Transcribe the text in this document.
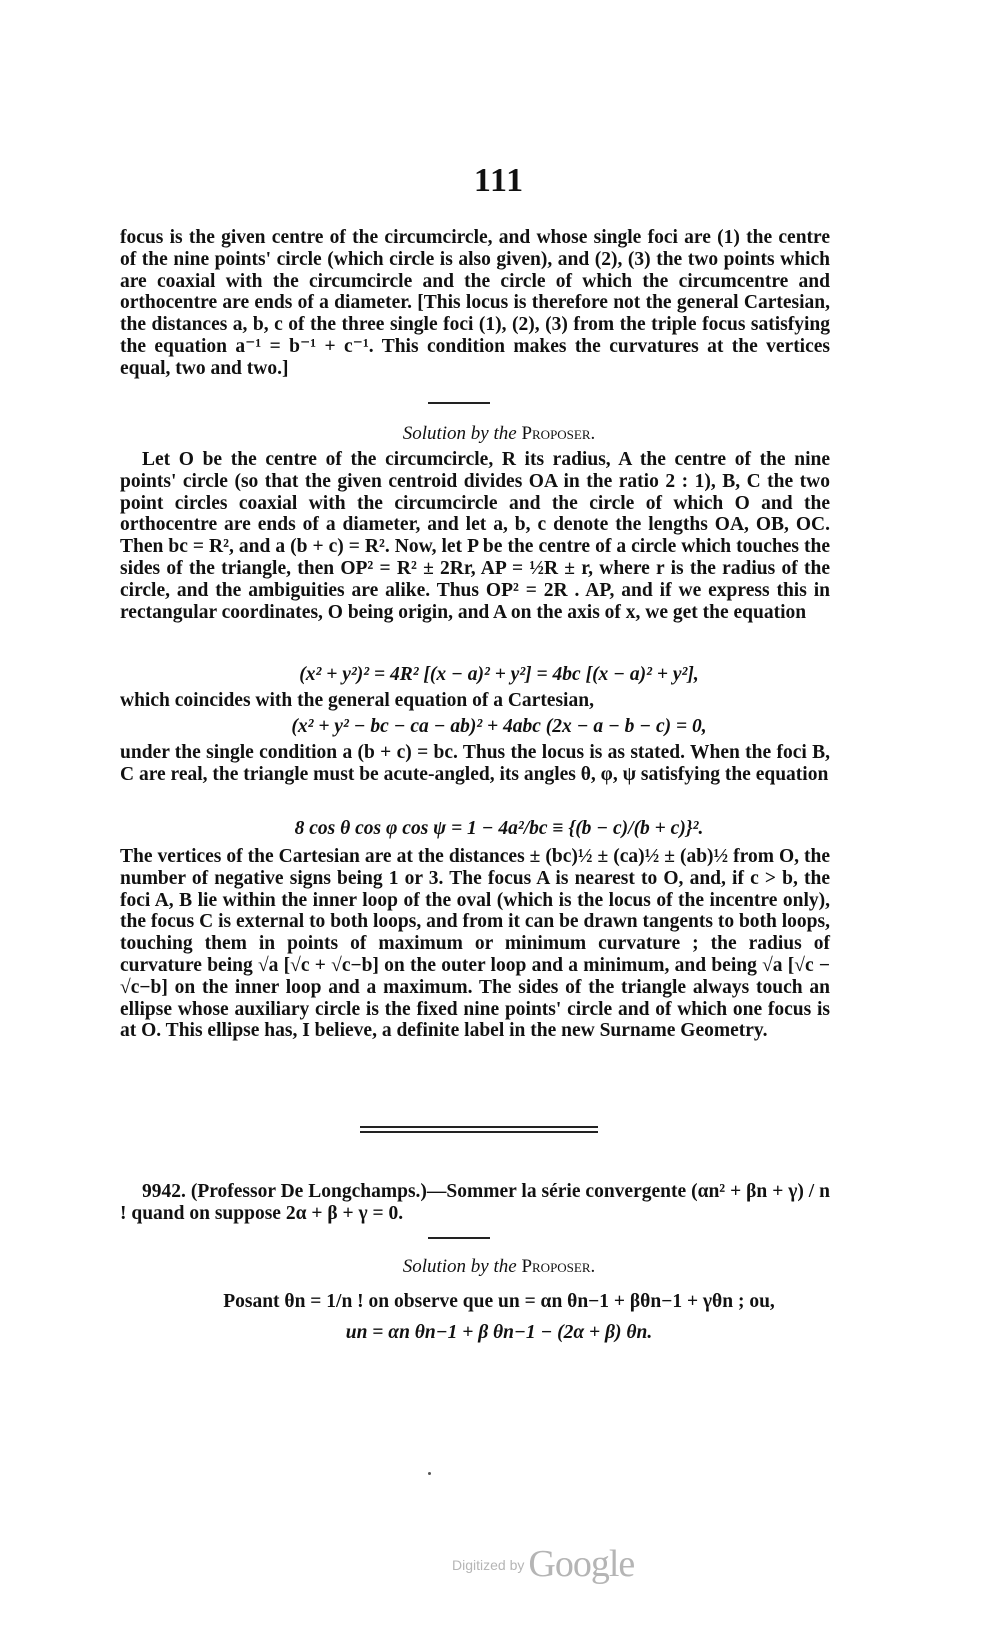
111

focus is the given centre of the circumcircle, and whose single foci are (1) the centre of the nine points' circle (which circle is also given), and (2), (3) the two points which are coaxial with the circumcircle and the circle of which the circumcentre and orthocentre are ends of a diameter. [This locus is therefore not the general Cartesian, the distances a, b, c of the three single foci (1), (2), (3) from the triple focus satisfying the equation a⁻¹ = b⁻¹ + c⁻¹. This condition makes the curvatures at the vertices equal, two and two.]

Solution by the Proposer.

Let O be the centre of the circumcircle, R its radius, A the centre of the nine points' circle (so that the given centroid divides OA in the ratio 2 : 1), B, C the two point circles coaxial with the circumcircle and the circle of which O and the orthocentre are ends of a diameter, and let a, b, c denote the lengths OA, OB, OC. Then bc = R², and a (b + c) = R². Now, let P be the centre of a circle which touches the sides of the triangle, then OP² = R² ± 2Rr, AP = ½R ± r, where r is the radius of the circle, and the ambiguities are alike. Thus OP² = 2R . AP, and if we express this in rectangular coordinates, O being origin, and A on the axis of x, we get the equation

(x² + y²)² = 4R² [(x − a)² + y²] = 4bc [(x − a)² + y²],

which coincides with the general equation of a Cartesian,

(x² + y² − bc − ca − ab)² + 4abc (2x − a − b − c) = 0,

under the single condition a (b + c) = bc. Thus the locus is as stated. When the foci B, C are real, the triangle must be acute-angled, its angles θ, φ, ψ satisfying the equation

8 cos θ cos φ cos ψ = 1 − 4a²/bc ≡ {(b − c)/(b + c)}².

The vertices of the Cartesian are at the distances ± (bc)½ ± (ca)½ ± (ab)½ from O, the number of negative signs being 1 or 3. The focus A is nearest to O, and, if c > b, the foci A, B lie within the inner loop of the oval (which is the locus of the incentre only), the focus C is external to both loops, and from it can be drawn tangents to both loops, touching them in points of maximum or minimum curvature ; the radius of curvature being √a [√c + √c−b] on the outer loop and a minimum, and being √a [√c − √c−b] on the inner loop and a maximum. The sides of the triangle always touch an ellipse whose auxiliary circle is the fixed nine points' circle and of which one focus is at O. This ellipse has, I believe, a definite label in the new Surname Geometry.

9942. (Professor De Longchamps.)—Sommer la série convergente (αn² + βn + γ) / n ! quand on suppose 2α + β + γ = 0.

Solution by the Proposer.
Posant θn = 1/n ! on observe que un = αn θn−1 + βθn−1 + γθn ; ou,
un = αn θn−1 + β θn−1 − (2α + β) θn.
Digitized by Google
